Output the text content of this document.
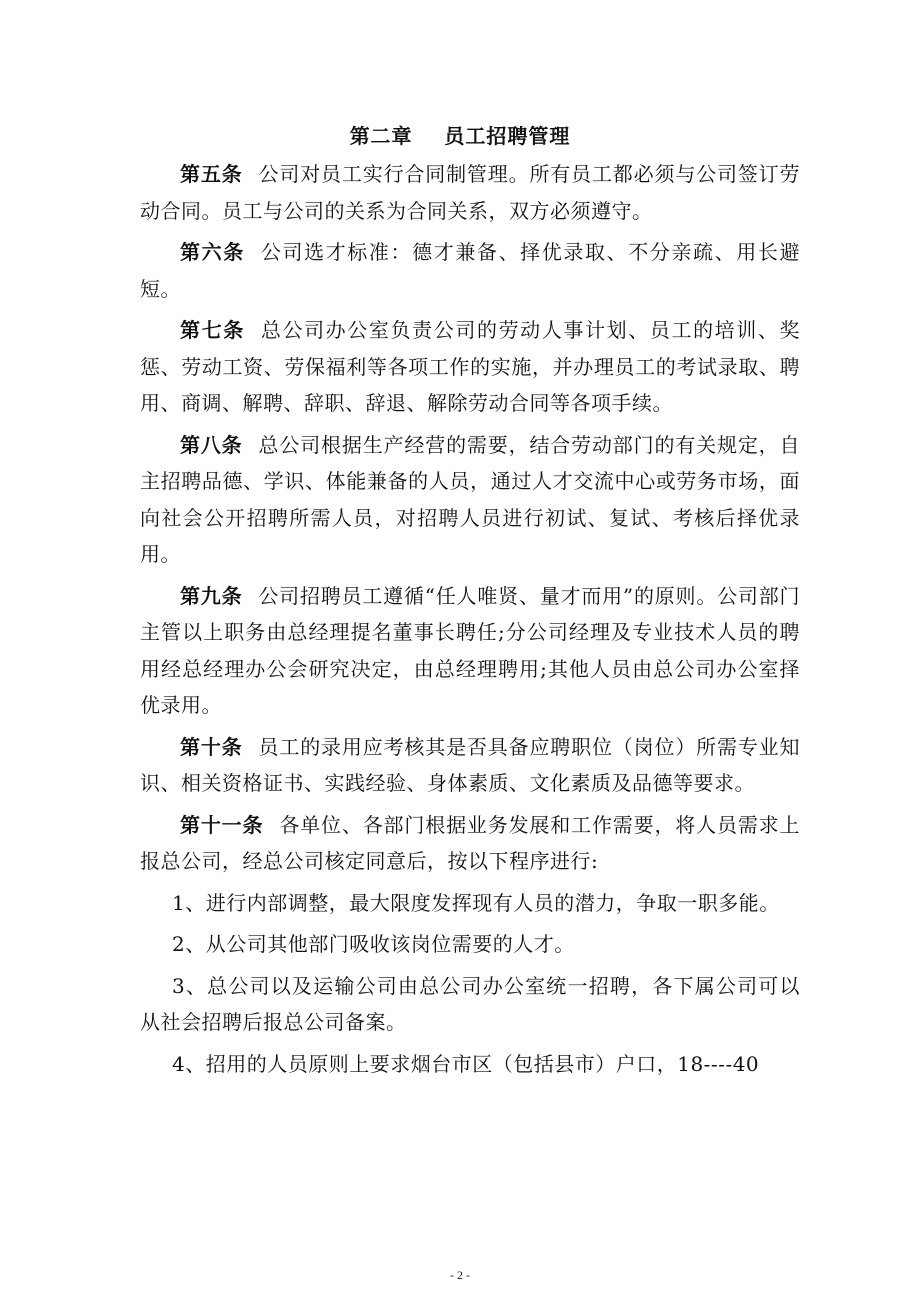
第二章    员工招聘管理

第五条 公司对员工实行合同制管理。所有员工都必须与公司签订劳动合同。员工与公司的关系为合同关系，双方必须遵守。

第六条 公司选才标准：德才兼备、择优录取、不分亲疏、用长避短。

第七条 总公司办公室负责公司的劳动人事计划、员工的培训、奖惩、劳动工资、劳保福利等各项工作的实施，并办理员工的考试录取、聘用、商调、解聘、辞职、辞退、解除劳动合同等各项手续。

第八条 总公司根据生产经营的需要，结合劳动部门的有关规定，自主招聘品德、学识、体能兼备的人员，通过人才交流中心或劳务市场，面向社会公开招聘所需人员，对招聘人员进行初试、复试、考核后择优录用。

第九条 公司招聘员工遵循“任人唯贤、量才而用”的原则。公司部门主管以上职务由总经理提名董事长聘任;分公司经理及专业技术人员的聘用经总经理办公会研究决定，由总经理聘用;其他人员由总公司办公室择优录用。

第十条 员工的录用应考核其是否具备应聘职位（岗位）所需专业知识、相关资格证书、实践经验、身体素质、文化素质及品德等要求。

第十一条 各单位、各部门根据业务发展和工作需要，将人员需求上报总公司，经总公司核定同意后，按以下程序进行:

1、进行内部调整，最大限度发挥现有人员的潜力，争取一职多能。

2、从公司其他部门吸收该岗位需要的人才。

3、总公司以及运输公司由总公司办公室统一招聘，各下属公司可以从社会招聘后报总公司备案。

4、招用的人员原则上要求烟台市区（包括县市）户口，18----40

- 2 -
